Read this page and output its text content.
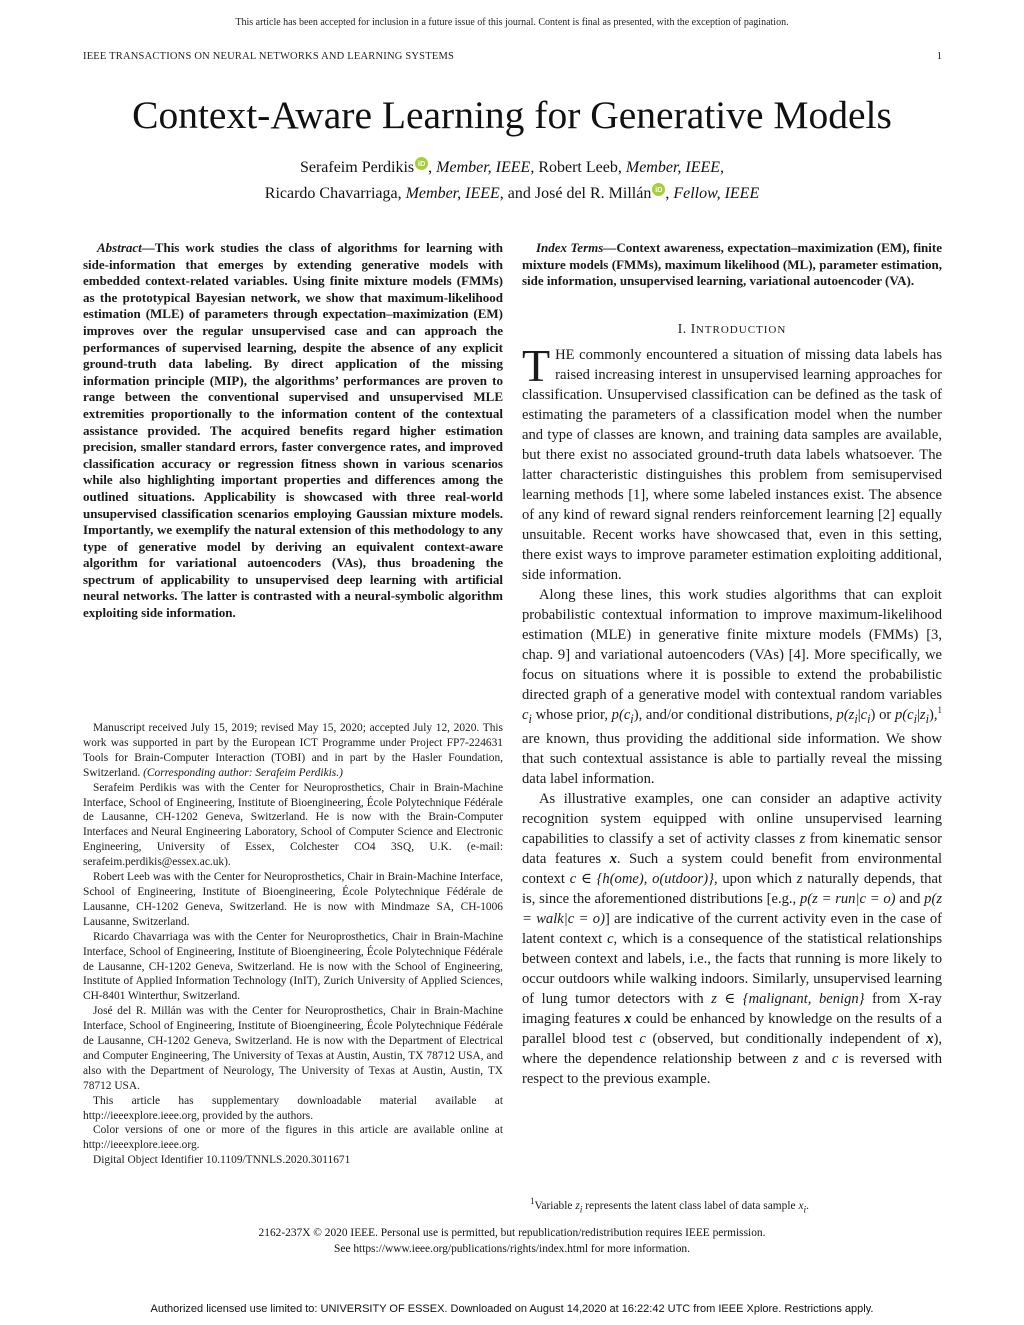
This article has been accepted for inclusion in a future issue of this journal. Content is final as presented, with the exception of pagination.
IEEE TRANSACTIONS ON NEURAL NETWORKS AND LEARNING SYSTEMS	1
Context-Aware Learning for Generative Models
Serafeim Perdikis iD , Member, IEEE, Robert Leeb, Member, IEEE,
Ricardo Chavarriaga, Member, IEEE, and José del R. Millán iD , Fellow, IEEE
Abstract—This work studies the class of algorithms for learning with side-information that emerges by extending generative models with embedded context-related variables. Using finite mixture models (FMMs) as the prototypical Bayesian network, we show that maximum-likelihood estimation (MLE) of parameters through expectation–maximization (EM) improves over the regular unsupervised case and can approach the performances of supervised learning, despite the absence of any explicit ground-truth data labeling. By direct application of the missing information principle (MIP), the algorithms’ performances are proven to range between the conventional supervised and unsupervised MLE extremities proportionally to the information content of the contextual assistance provided. The acquired benefits regard higher estimation precision, smaller standard errors, faster convergence rates, and improved classification accuracy or regression fitness shown in various scenarios while also highlighting important properties and differences among the outlined situations. Applicability is showcased with three real-world unsupervised classification scenarios employing Gaussian mixture models. Importantly, we exemplify the natural extension of this methodology to any type of generative model by deriving an equivalent context-aware algorithm for variational autoencoders (VAs), thus broadening the spectrum of applicability to unsupervised deep learning with artificial neural networks. The latter is contrasted with a neural-symbolic algorithm exploiting side information.

Manuscript received July 15, 2019; revised May 15, 2020; accepted July 12, 2020. This work was supported in part by the European ICT Programme under Project FP7-224631 Tools for Brain-Computer Interaction (TOBI) and in part by the Hasler Foundation, Switzerland. (Corresponding author: Serafeim Perdikis.)

Serafeim Perdikis was with the Center for Neuroprosthetics, Chair in Brain-Machine Interface, School of Engineering, Institute of Bioengineering, École Polytechnique Fédérale de Lausanne, CH-1202 Geneva, Switzerland. He is now with the Brain-Computer Interfaces and Neural Engineering Laboratory, School of Computer Science and Electronic Engineering, University of Essex, Colchester CO4 3SQ, U.K. (e-mail: serafeim.perdikis@essex.ac.uk).

Robert Leeb was with the Center for Neuroprosthetics, Chair in Brain-Machine Interface, School of Engineering, Institute of Bioengineering, École Polytechnique Fédérale de Lausanne, CH-1202 Geneva, Switzerland. He is now with Mindmaze SA, CH-1006 Lausanne, Switzerland.

Ricardo Chavarriaga was with the Center for Neuroprosthetics, Chair in Brain-Machine Interface, School of Engineering, Institute of Bioengineering, École Polytechnique Fédérale de Lausanne, CH-1202 Geneva, Switzerland. He is now with the School of Engineering, Institute of Applied Information Technology (InIT), Zurich University of Applied Sciences, CH-8401 Winterthur, Switzerland.

José del R. Millán was with the Center for Neuroprosthetics, Chair in Brain-Machine Interface, School of Engineering, Institute of Bioengineering, École Polytechnique Fédérale de Lausanne, CH-1202 Geneva, Switzerland. He is now with the Department of Electrical and Computer Engineering, The University of Texas at Austin, Austin, TX 78712 USA, and also with the Department of Neurology, The University of Texas at Austin, Austin, TX 78712 USA.

This article has supplementary downloadable material available at http://ieeexplore.ieee.org, provided by the authors.

Color versions of one or more of the figures in this article are available online at http://ieeexplore.ieee.org.

Digital Object Identifier 10.1109/TNNLS.2020.3011671

Index Terms—Context awareness, expectation–maximization (EM), finite mixture models (FMMs), maximum likelihood (ML), parameter estimation, side information, unsupervised learning, variational autoencoder (VA).
I. INTRODUCTION

THE commonly encountered a situation of missing data labels has raised increasing interest in unsupervised learning approaches for classification. Unsupervised classification can be defined as the task of estimating the parameters of a classification model when the number and type of classes are known, and training data samples are available, but there exist no associated ground-truth data labels whatsoever. The latter characteristic distinguishes this problem from semisupervised learning methods [1], where some labeled instances exist. The absence of any kind of reward signal renders reinforcement learning [2] equally unsuitable. Recent works have showcased that, even in this setting, there exist ways to improve parameter estimation exploiting additional, side information.

Along these lines, this work studies algorithms that can exploit probabilistic contextual information to improve maximum-likelihood estimation (MLE) in generative finite mixture models (FMMs) [3, chap. 9] and variational autoencoders (VAs) [4]. More specifically, we focus on situations where it is possible to extend the probabilistic directed graph of a generative model with contextual random variables $c_i$ whose prior, $p(c_i)$, and/or conditional distributions, $p(z_i|c_i)$ or $p(c_i|z_i),^1$ are known, thus providing the additional side information. We show that such contextual assistance is able to partially reveal the missing data label information.

As illustrative examples, one can consider an adaptive activity recognition system equipped with online unsupervised learning capabilities to classify a set of activity classes z from kinematic sensor data features x. Such a system could benefit from environmental context c ∈ {h(ome), o(utdoor)}, upon which z naturally depends, that is, since the aforementioned distributions [e.g., p(z = run|c = o) and p(z = walk|c = o)] are indicative of the current activity even in the case of latent context c, which is a consequence of the statistical relationships between context and labels, i.e., the facts that running is more likely to occur outdoors while walking indoors. Similarly, unsupervised learning of lung tumor detectors with z ∈ {malignant, benign} from X-ray imaging features x could be enhanced by knowledge on the results of a parallel blood test c (observed, but conditionally independent of x), where the dependence relationship between z and c is reversed with respect to the previous example.

$^1$Variable $z_i$ represents the latent class label of data sample $x_i$.
2162-237X © 2020 IEEE. Personal use is permitted, but republication/redistribution requires IEEE permission.
See https://www.ieee.org/publications/rights/index.html for more information.
Authorized licensed use limited to: UNIVERSITY OF ESSEX. Downloaded on August 14,2020 at 16:22:42 UTC from IEEE Xplore. Restrictions apply.
